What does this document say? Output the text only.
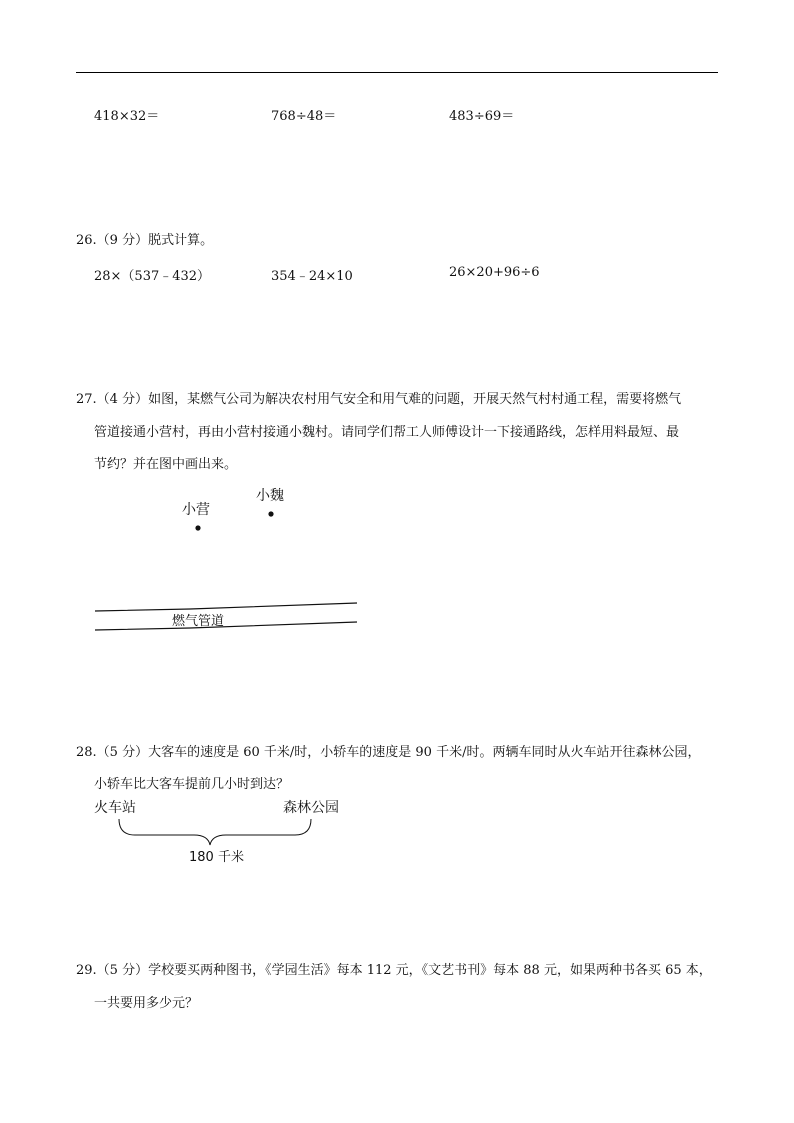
418×32＝	768÷48＝	483÷69＝
26.（9 分）脱式计算。
28×（537﹣432）	354﹣24×10	26×20+96÷6
27.（4 分）如图，某燃气公司为解决农村用气安全和用气难的问题，开展天然气村村通工程，需要将燃气
管道接通小营村，再由小营村接通小魏村。请同学们帮工人师傅设计一下接通路线，怎样用料最短、最
节约？并在图中画出来。
小营
小魏
燃气管道
28.（5 分）大客车的速度是 60 千米/时，小轿车的速度是 90 千米/时。两辆车同时从火车站开往森林公园，
小轿车比大客车提前几小时到达？
火车站	森林公园
180 千米
29.（5 分）学校要买两种图书，《学园生活》每本 112 元，《文艺书刊》每本 88 元，如果两种书各买 65 本，
一共要用多少元？
